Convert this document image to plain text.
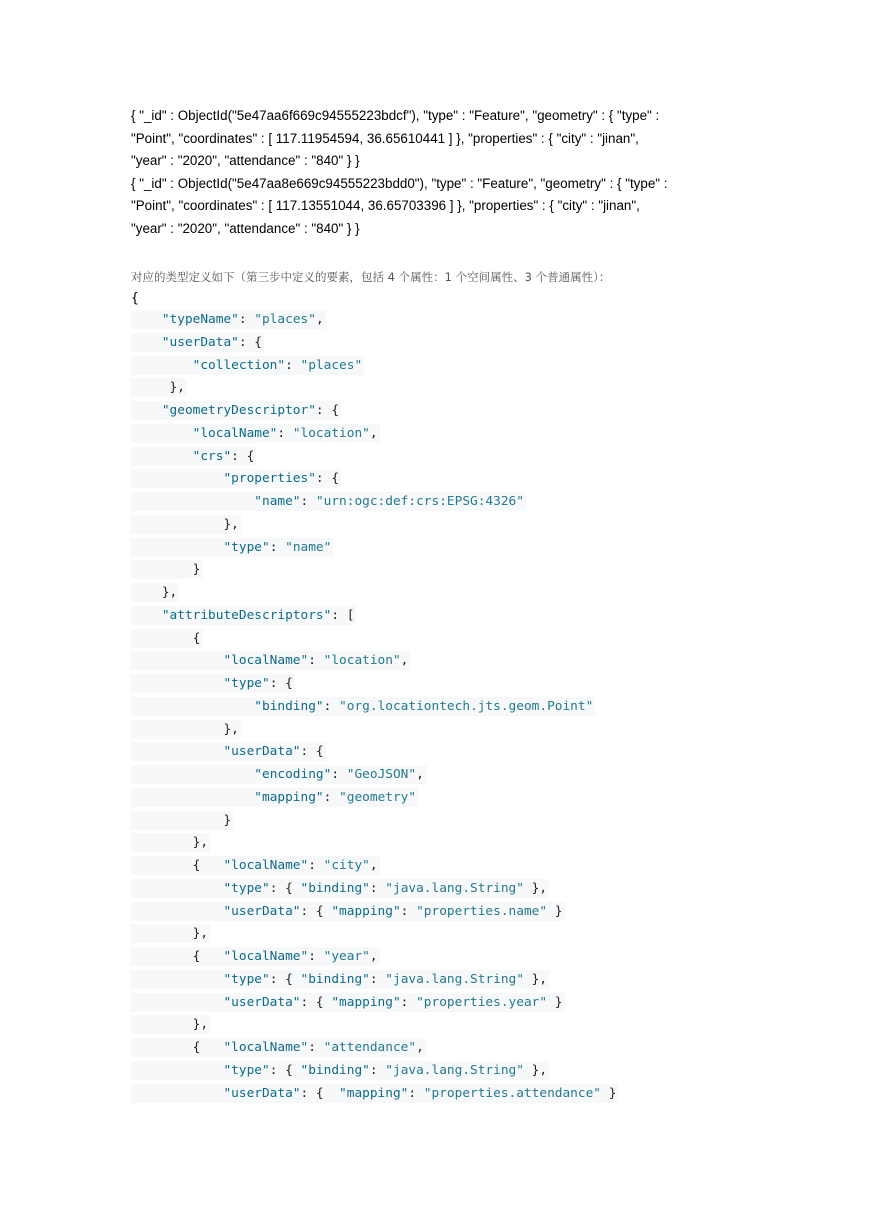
{ "_id" : ObjectId("5e47aa6f669c94555223bdcf"), "type" : "Feature", "geometry" : { "type" :
"Point", "coordinates" : [ 117.11954594, 36.65610441 ] }, "properties" : { "city" : "jinan",
"year" : "2020", "attendance" : "840" } }
{ "_id" : ObjectId("5e47aa8e669c94555223bdd0"), "type" : "Feature", "geometry" : { "type" :
"Point", "coordinates" : [ 117.13551044, 36.65703396 ] }, "properties" : { "city" : "jinan",
"year" : "2020", "attendance" : "840" } }
对应的类型定义如下（第三步中定义的要素，包括 4 个属性：1 个空间属性、3 个普通属性）：
{
"typeName": "places",
"userData": {
"collection": "places"
},
"geometryDescriptor": {
"localName": "location",
"crs": {
"properties": {
"name": "urn:ogc:def:crs:EPSG:4326"
},
"type": "name"
}
},
"attributeDescriptors": [
{
"localName": "location",
"type": {
"binding": "org.locationtech.jts.geom.Point"
},
"userData": {
"encoding": "GeoJSON",
"mapping": "geometry"
}
},
{   "localName": "city",
"type": { "binding": "java.lang.String" },
"userData": { "mapping": "properties.name" }
},
{   "localName": "year",
"type": { "binding": "java.lang.String" },
"userData": { "mapping": "properties.year" }
},
{   "localName": "attendance",
"type": { "binding": "java.lang.String" },
"userData": {  "mapping": "properties.attendance" }
